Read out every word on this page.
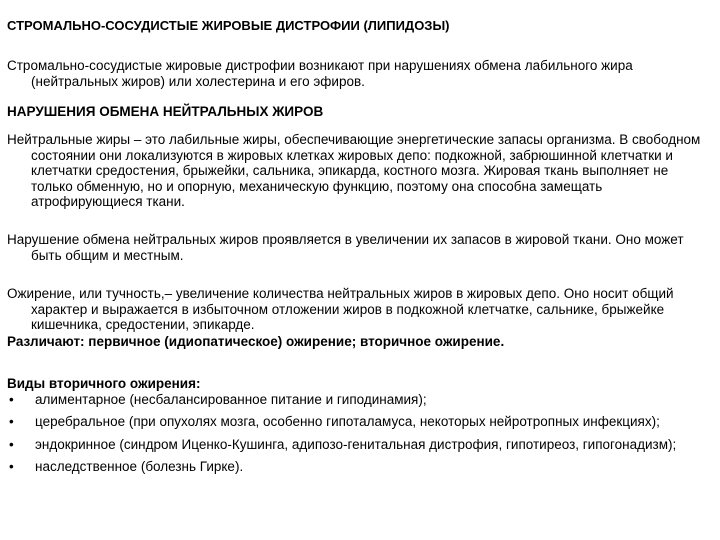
СТРОМАЛЬНО-СОСУДИСТЫЕ ЖИРОВЫЕ ДИСТРОФИИ (ЛИПИДОЗЫ)

Стромально-сосудистые жировые дистрофии возникают при нарушениях обмена лабильного жира (нейтральных жиров) или холестерина и его эфиров.

НАРУШЕНИЯ ОБМЕНА НЕЙТРАЛЬНЫХ ЖИРОВ

Нейтральные жиры – это лабильные жиры, обеспечивающие энергетические запасы организма. В свободном состоянии они локализуются в жировых клетках жировых депо: подкожной, забрюшинной клетчатки и клетчатки средостения, брыжейки, сальника, эпикарда, костного мозга. Жировая ткань выполняет не только обменную, но и опорную, механическую функцию, поэтому она способна замещать атрофирующиеся ткани.

Нарушение обмена нейтральных жиров проявляется в увеличении их запасов в жировой ткани. Оно может быть общим и местным.

Ожирение, или тучность,– увеличение количества нейтральных жиров в жировых депо. Оно носит общий характер и выражается в избыточном отложении жиров в подкожной клетчатке, сальнике, брыжейке кишечника, средостении, эпикарде.

Различают: первичное (идиопатическое) ожирение; вторичное ожирение.

Виды вторичного ожирения:
• алиментарное (несбалансированное питание и гиподинамия);
• церебральное (при опухолях мозга, особенно гипоталамуса, некоторых нейротропных инфекциях);
• эндокринное (синдром Иценко-Кушинга, адипозо-генитальная дистрофия, гипотиреоз, гипогонадизм);
• наследственное (болезнь Гирке).
